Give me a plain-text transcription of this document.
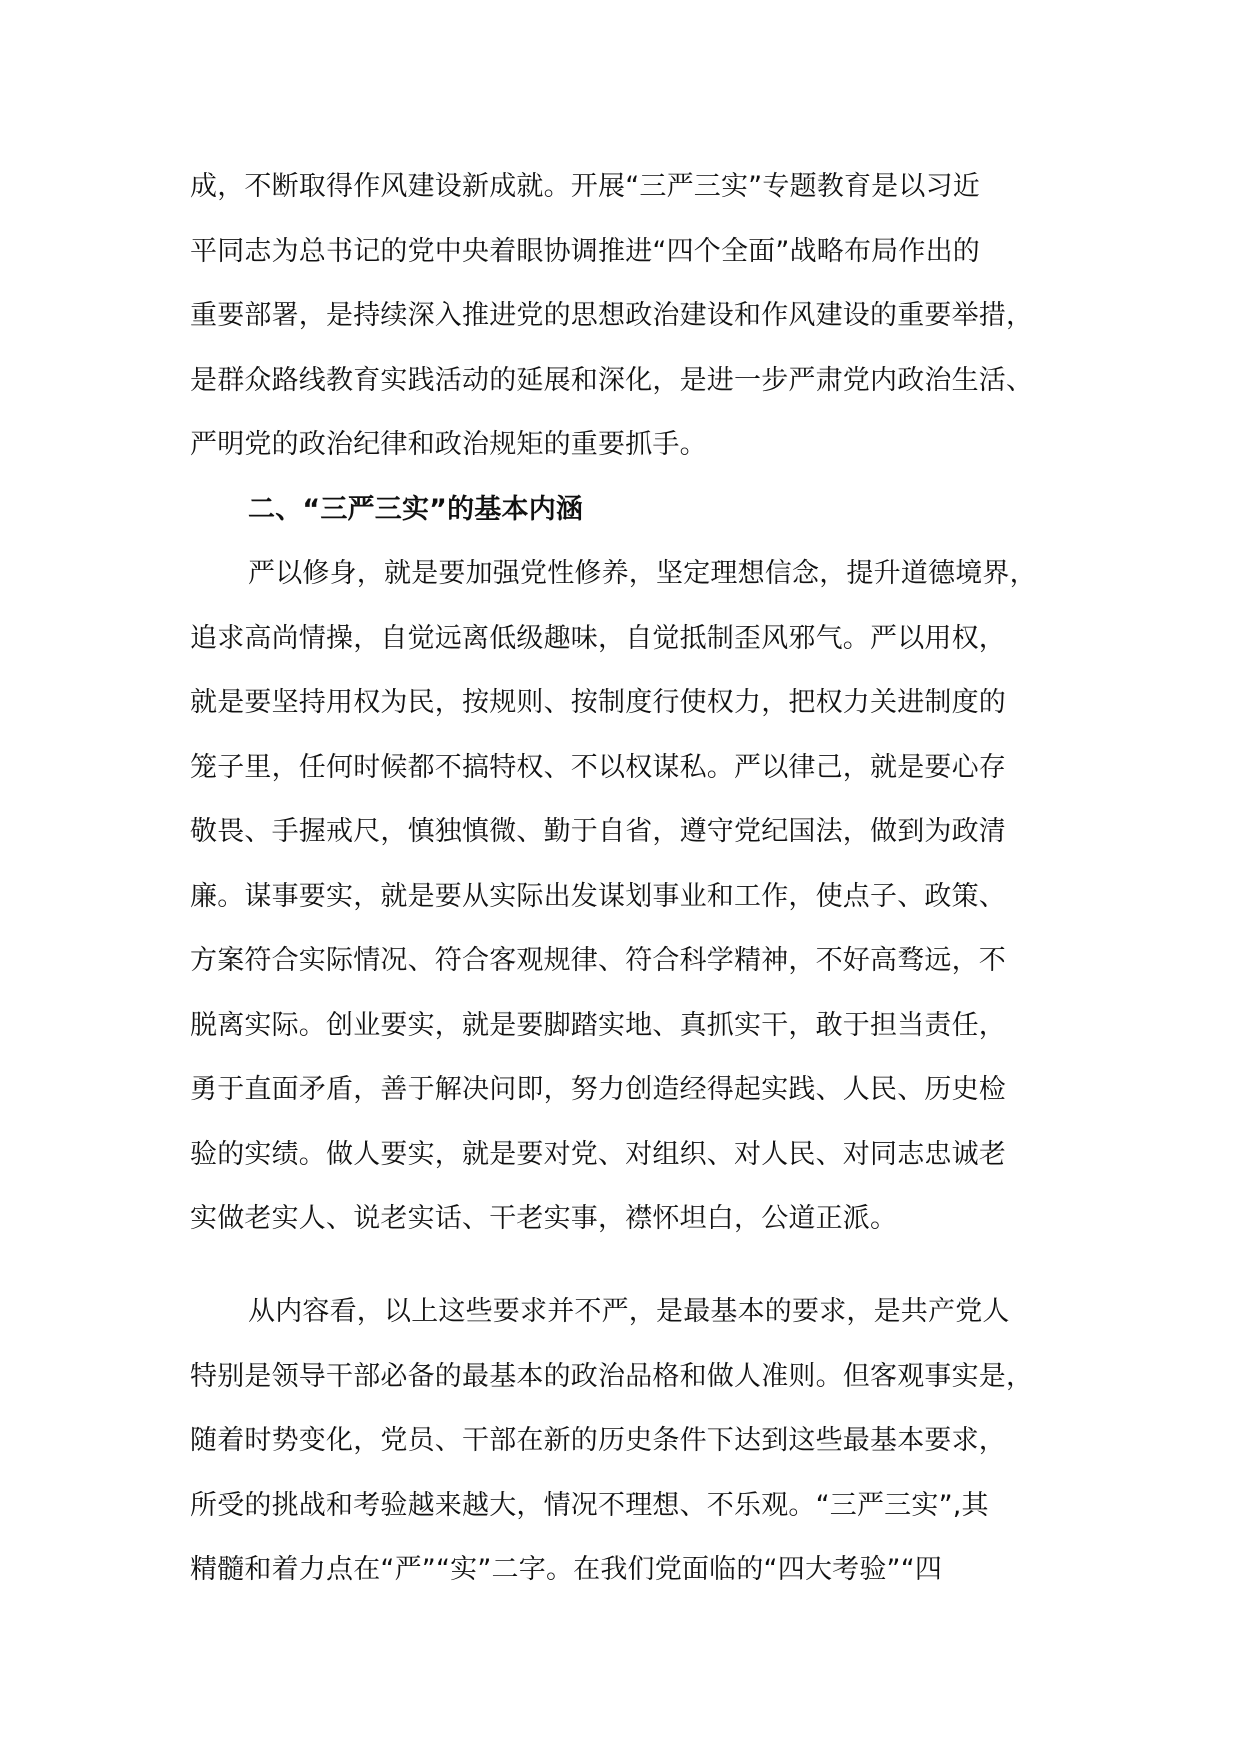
成，不断取得作风建设新成就。开展“三严三实”专题教育是以习近
平同志为总书记的党中央着眼协调推进“四个全面”战略布局作出的
重要部署，是持续深入推进党的思想政治建设和作风建设的重要举措，
是群众路线教育实践活动的延展和深化，是进一步严肃党内政治生活、
严明党的政治纪律和政治规矩的重要抓手。
二、“三严三实”的基本内涵
严以修身，就是要加强党性修养，坚定理想信念，提升道德境界，
追求高尚情操，自觉远离低级趣味，自觉抵制歪风邪气。严以用权，
就是要坚持用权为民，按规则、按制度行使权力，把权力关进制度的
笼子里，任何时候都不搞特权、不以权谋私。严以律己，就是要心存
敬畏、手握戒尺，慎独慎微、勤于自省，遵守党纪国法，做到为政清
廉。谋事要实，就是要从实际出发谋划事业和工作，使点子、政策、
方案符合实际情况、符合客观规律、符合科学精神，不好高骛远，不
脱离实际。创业要实，就是要脚踏实地、真抓实干，敢于担当责任，
勇于直面矛盾，善于解决问即，努力创造经得起实践、人民、历史检
验的实绩。做人要实，就是要对党、对组织、对人民、对同志忠诚老
实做老实人、说老实话、干老实事，襟怀坦白，公道正派。
从内容看，以上这些要求并不严，是最基本的要求，是共产党人
特别是领导干部必备的最基本的政治品格和做人准则。但客观事实是，
随着时势变化，党员、干部在新的历史条件下达到这些最基本要求，
所受的挑战和考验越来越大，情况不理想、不乐观。“三严三实”,其
精髓和着力点在“严”“实”二字。在我们党面临的“四大考验”“四
